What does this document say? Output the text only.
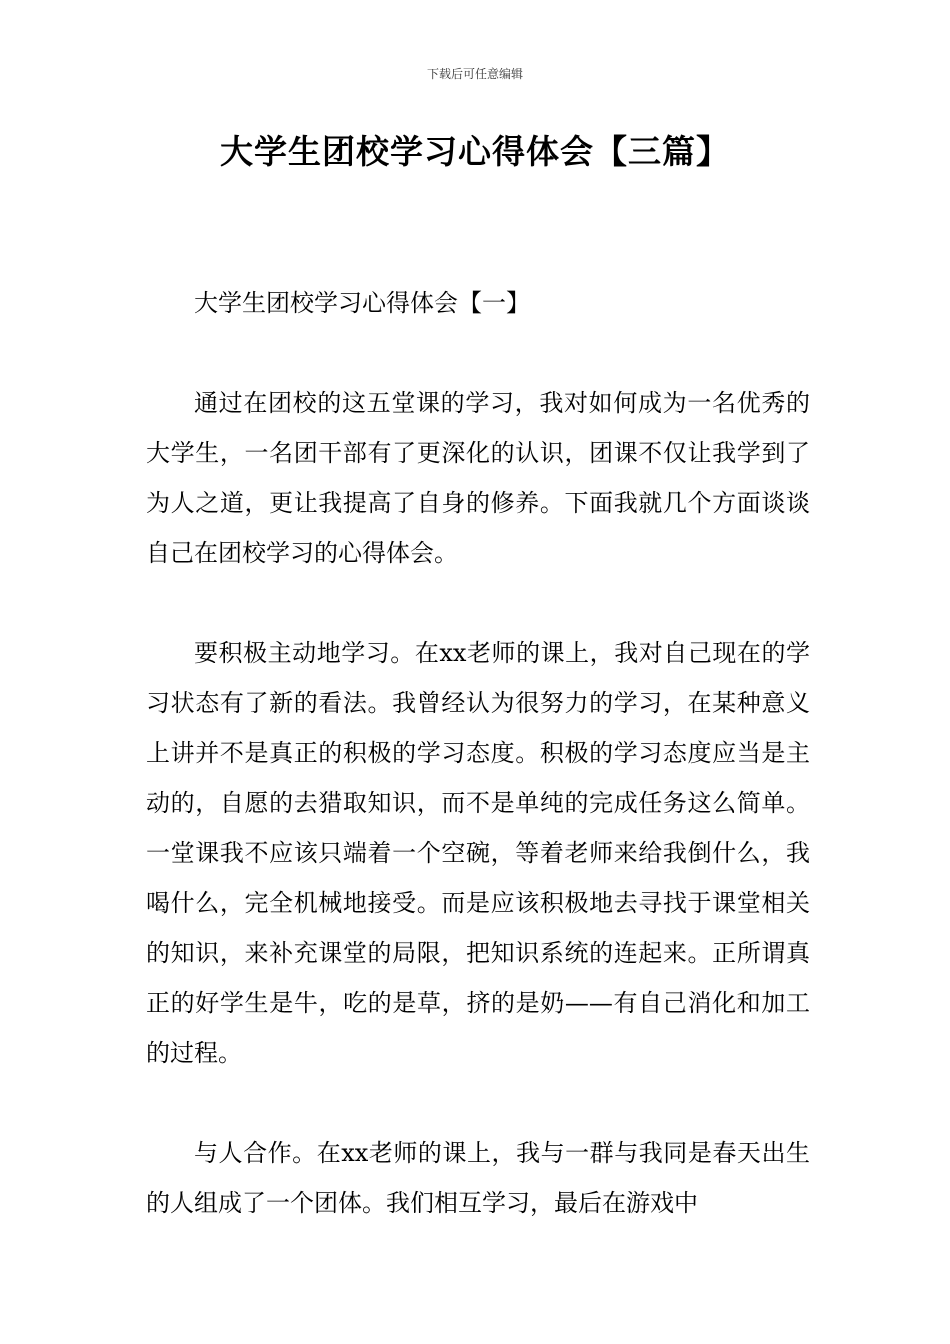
下载后可任意编辑
大学生团校学习心得体会【三篇】

大学生团校学习心得体会【一】

通过在团校的这五堂课的学习，我对如何成为一名优秀的大学生，一名团干部有了更深化的认识，团课不仅让我学到了为人之道，更让我提高了自身的修养。下面我就几个方面谈谈自己在团校学习的心得体会。

要积极主动地学习。在xx老师的课上，我对自己现在的学习状态有了新的看法。我曾经认为很努力的学习，在某种意义上讲并不是真正的积极的学习态度。积极的学习态度应当是主动的，自愿的去猎取知识，而不是单纯的完成任务这么简单。一堂课我不应该只端着一个空碗，等着老师来给我倒什么，我喝什么，完全机械地接受。而是应该积极地去寻找于课堂相关的知识，来补充课堂的局限，把知识系统的连起来。正所谓真正的好学生是牛，吃的是草，挤的是奶——有自己消化和加工的过程。

与人合作。在xx老师的课上，我与一群与我同是春天出生的人组成了一个团体。我们相互学习，最后在游戏中
